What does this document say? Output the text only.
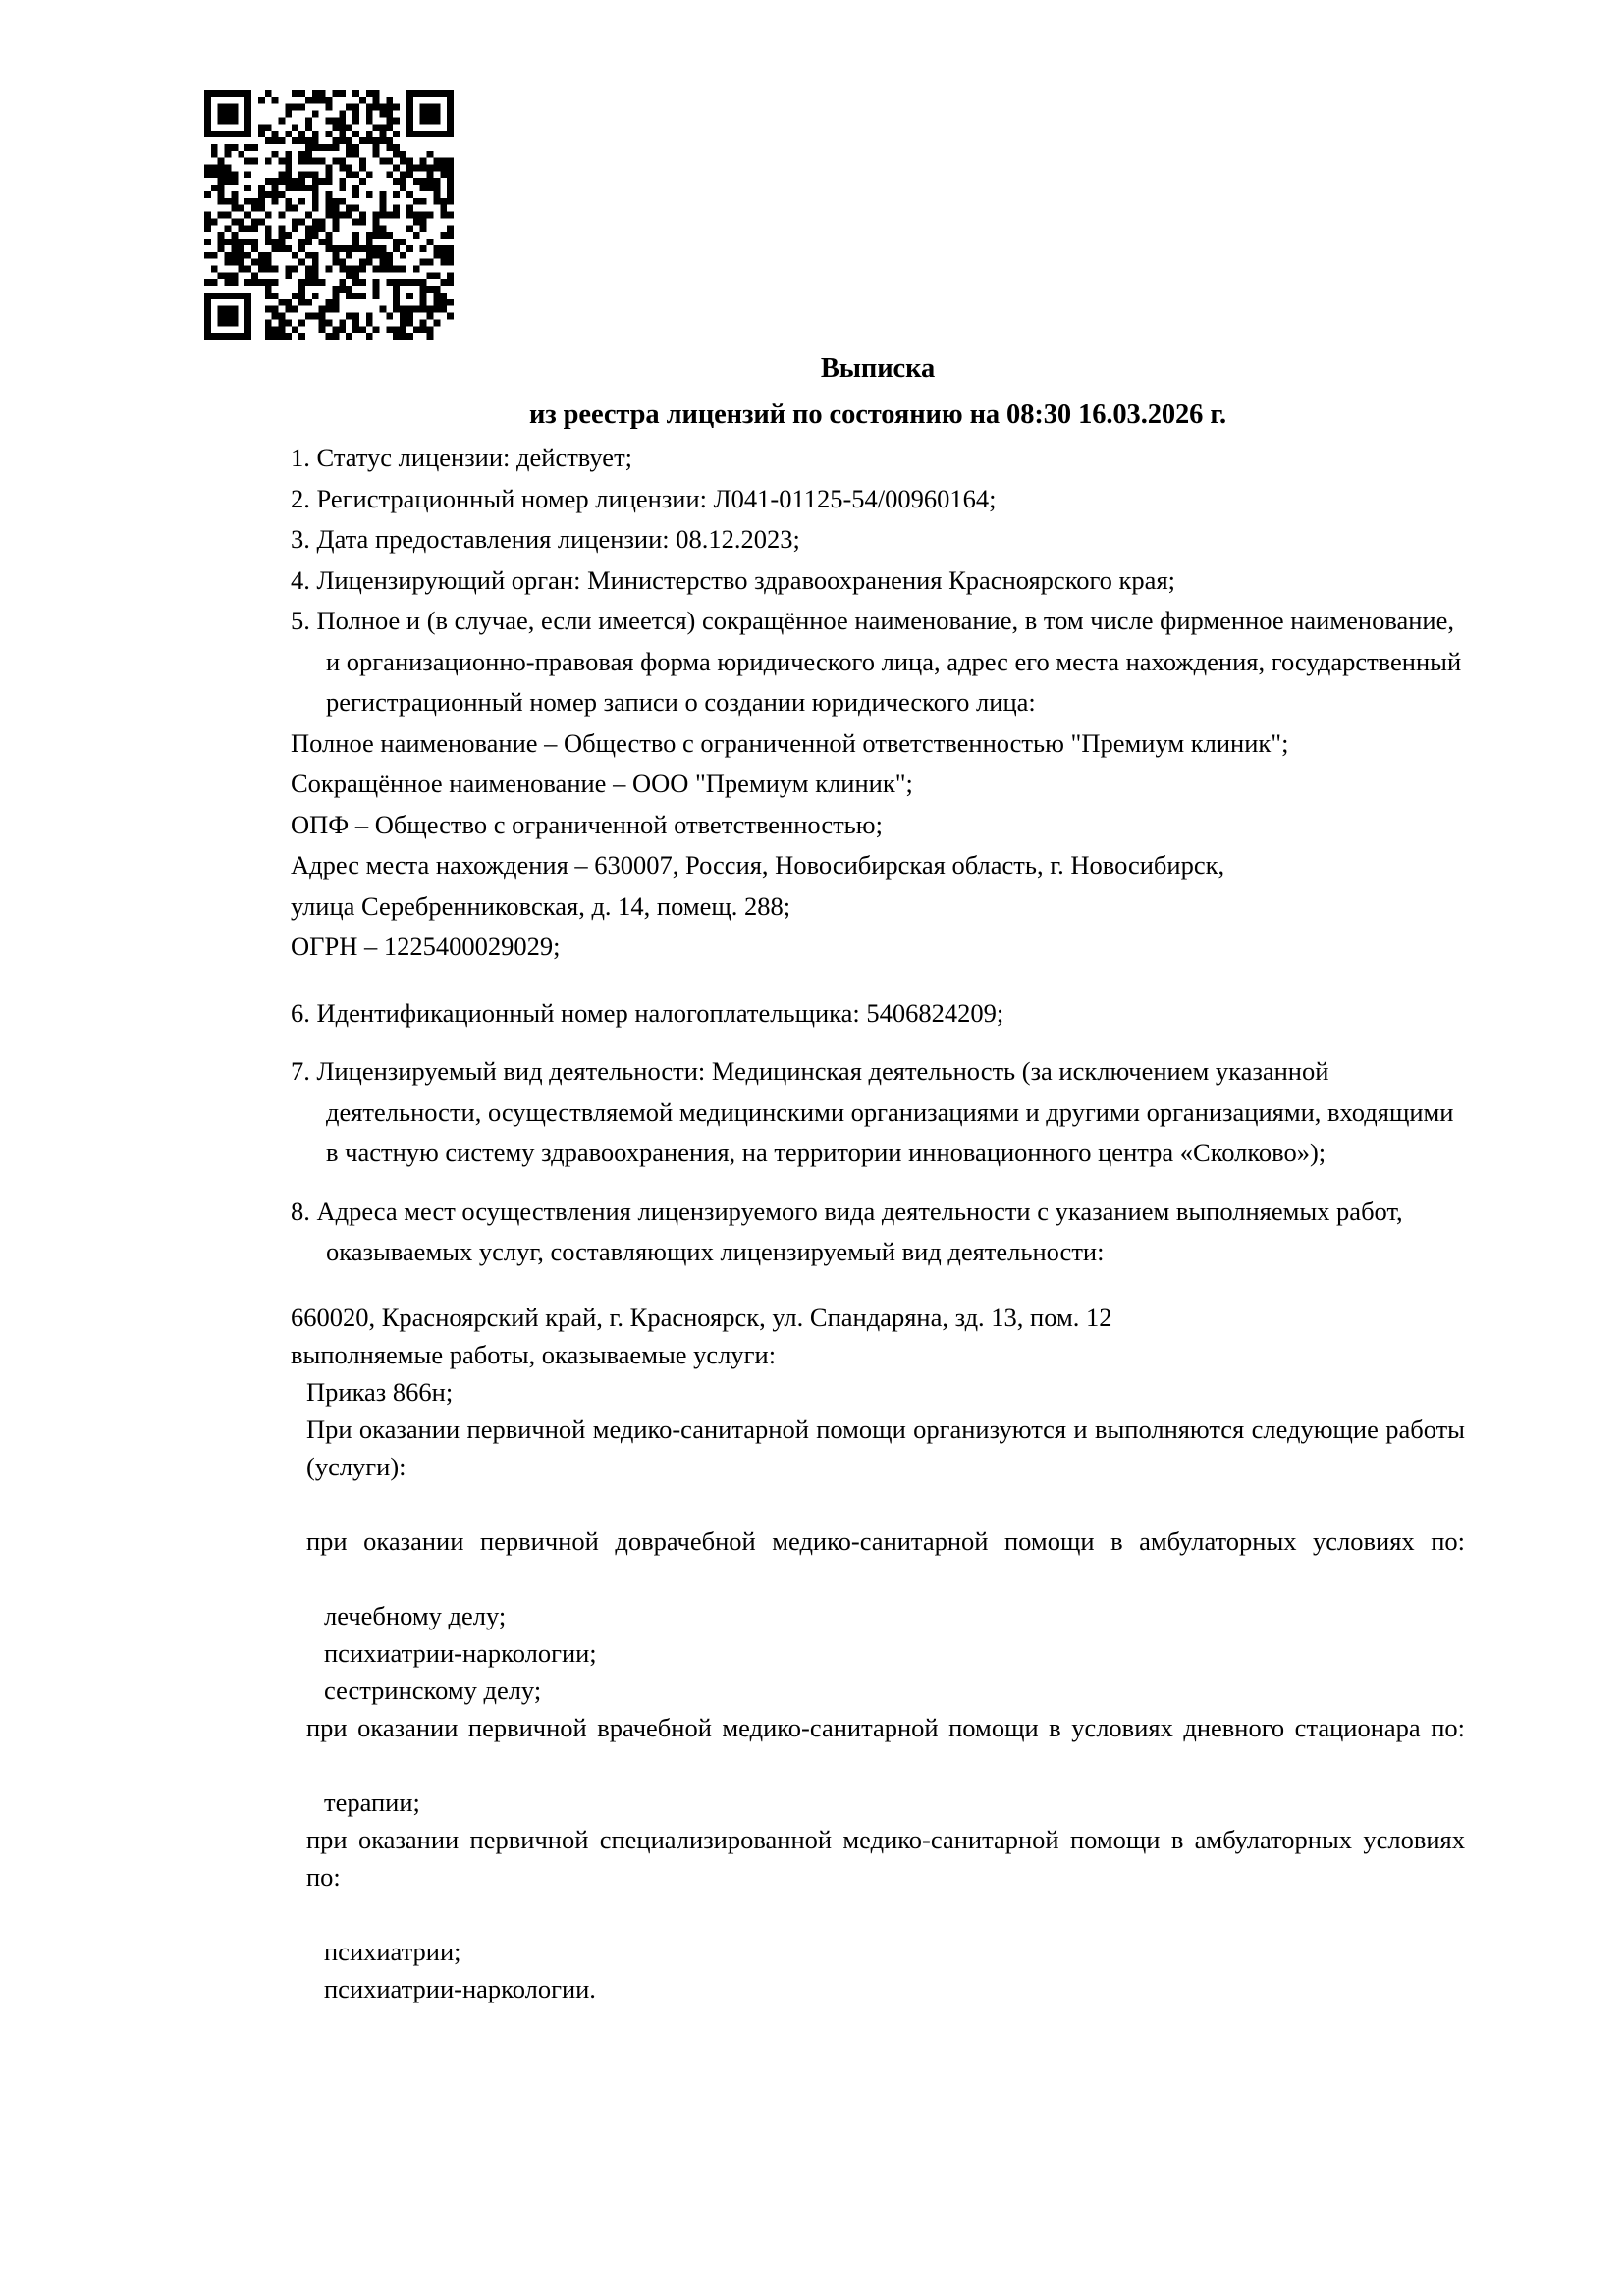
Выписка
из реестра лицензий по состоянию на 08:30 16.03.2026 г.

1. Статус лицензии: действует;

2. Регистрационный номер лицензии: Л041-01125-54/00960164;

3. Дата предоставления лицензии: 08.12.2023;

4. Лицензирующий орган: Министерство здравоохранения Красноярского края;

5. Полное и (в случае, если имеется) сокращённое наименование, в том числе фирменное наименование, и организационно-правовая форма юридического лица, адрес его места нахождения, государственный регистрационный номер записи о создании юридического лица:

Полное наименование – Общество с ограниченной ответственностью "Премиум клиник";

Сокращённое наименование – ООО "Премиум клиник";

ОПФ – Общество с ограниченной ответственностью;

Адрес места нахождения – 630007, Россия, Новосибирская область, г. Новосибирск,

улица Серебренниковская, д. 14, помещ. 288;

ОГРН – 1225400029029;

6. Идентификационный номер налогоплательщика: 5406824209;

7. Лицензируемый вид деятельности: Медицинская деятельность (за исключением указанной деятельности, осуществляемой медицинскими организациями и другими организациями, входящими в частную систему здравоохранения, на территории инновационного центра «Сколково»);

8. Адреса мест осуществления лицензируемого вида деятельности с указанием выполняемых работ, оказываемых услуг, составляющих лицензируемый вид деятельности:

660020, Красноярский край, г. Красноярск, ул. Спандаряна, зд. 13, пом. 12

выполняемые работы, оказываемые услуги:

Приказ 866н;

При оказании первичной медико-санитарной помощи организуются и выполняются следующие работы (услуги):

при оказании первичной доврачебной медико-санитарной помощи в амбулаторных условиях по:

лечебному делу;

психиатрии-наркологии;

сестринскому делу;

при оказании первичной врачебной медико-санитарной помощи в условиях дневного стационара по:

терапии;

при оказании первичной специализированной медико-санитарной помощи в амбулаторных условиях по:

психиатрии;

психиатрии-наркологии.
